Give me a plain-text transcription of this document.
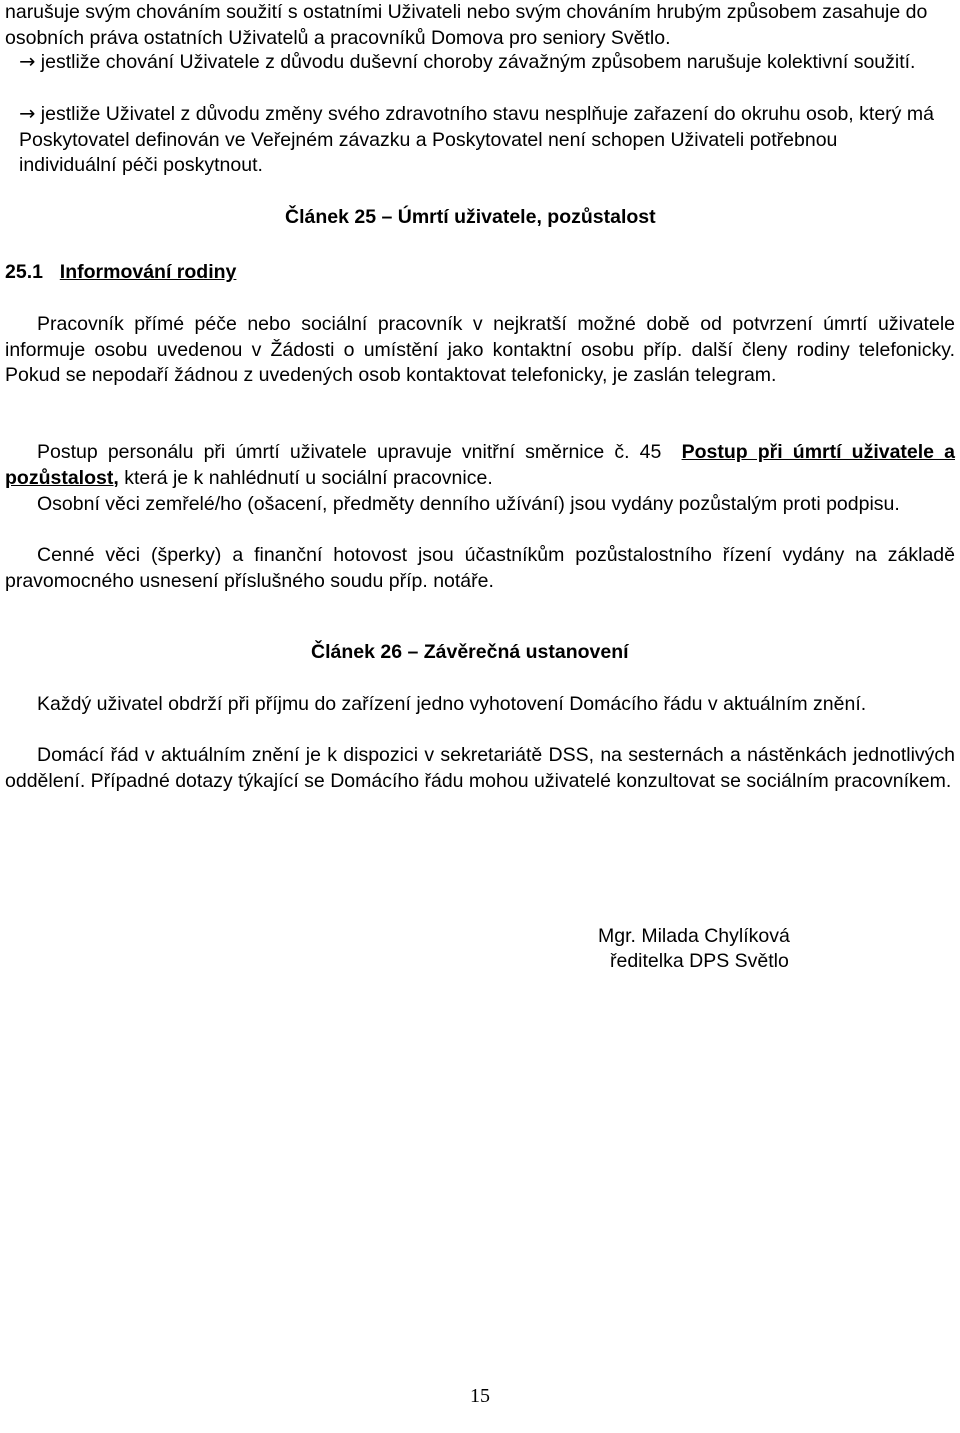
narušuje svým chováním soužití s ostatními Uživateli nebo svým chováním hrubým způsobem zasahuje do osobních práva ostatních Uživatelů a pracovníků Domova pro seniory Světlo.
→ jestliže chování Uživatele z důvodu duševní choroby závažným způsobem narušuje kolektivní soužití.
→ jestliže Uživatel z důvodu změny svého zdravotního stavu nesplňuje zařazení do okruhu osob, který má Poskytovatel definován ve Veřejném závazku a Poskytovatel není schopen Uživateli potřebnou individuální péči poskytnout.
Článek 25 – Úmrtí uživatele, pozůstalost
25.1 Informování rodiny
Pracovník přímé péče nebo sociální pracovník v nejkratší možné době od potvrzení úmrtí uživatele informuje osobu uvedenou v Žádosti o umístění jako kontaktní osobu příp. další členy rodiny telefonicky. Pokud se nepodaří žádnou z uvedených osob kontaktovat telefonicky, je zaslán telegram.
Postup personálu při úmrtí uživatele upravuje vnitřní směrnice č. 45 Postup při úmrtí uživatele a pozůstalost, která je k nahlédnutí u sociální pracovnice.
Osobní věci zemřelé/ho (ošacení, předměty denního užívání) jsou vydány pozůstalým proti podpisu.
Cenné věci (šperky) a finanční hotovost jsou účastníkům pozůstalostního řízení vydány na základě pravomocného usnesení příslušného soudu příp. notáře.
Článek 26 – Závěrečná ustanovení
Každý uživatel obdrží při příjmu do zařízení jedno vyhotovení Domácího řádu v aktuálním znění.
Domácí řád v aktuálním znění je k dispozici v sekretariátě DSS, na sesternách a nástěnkách jednotlivých oddělení. Případné dotazy týkající se Domácího řádu mohou uživatelé konzultovat se sociálním pracovníkem.
Mgr. Milada Chylíková
ředitelka DPS Světlo
15
